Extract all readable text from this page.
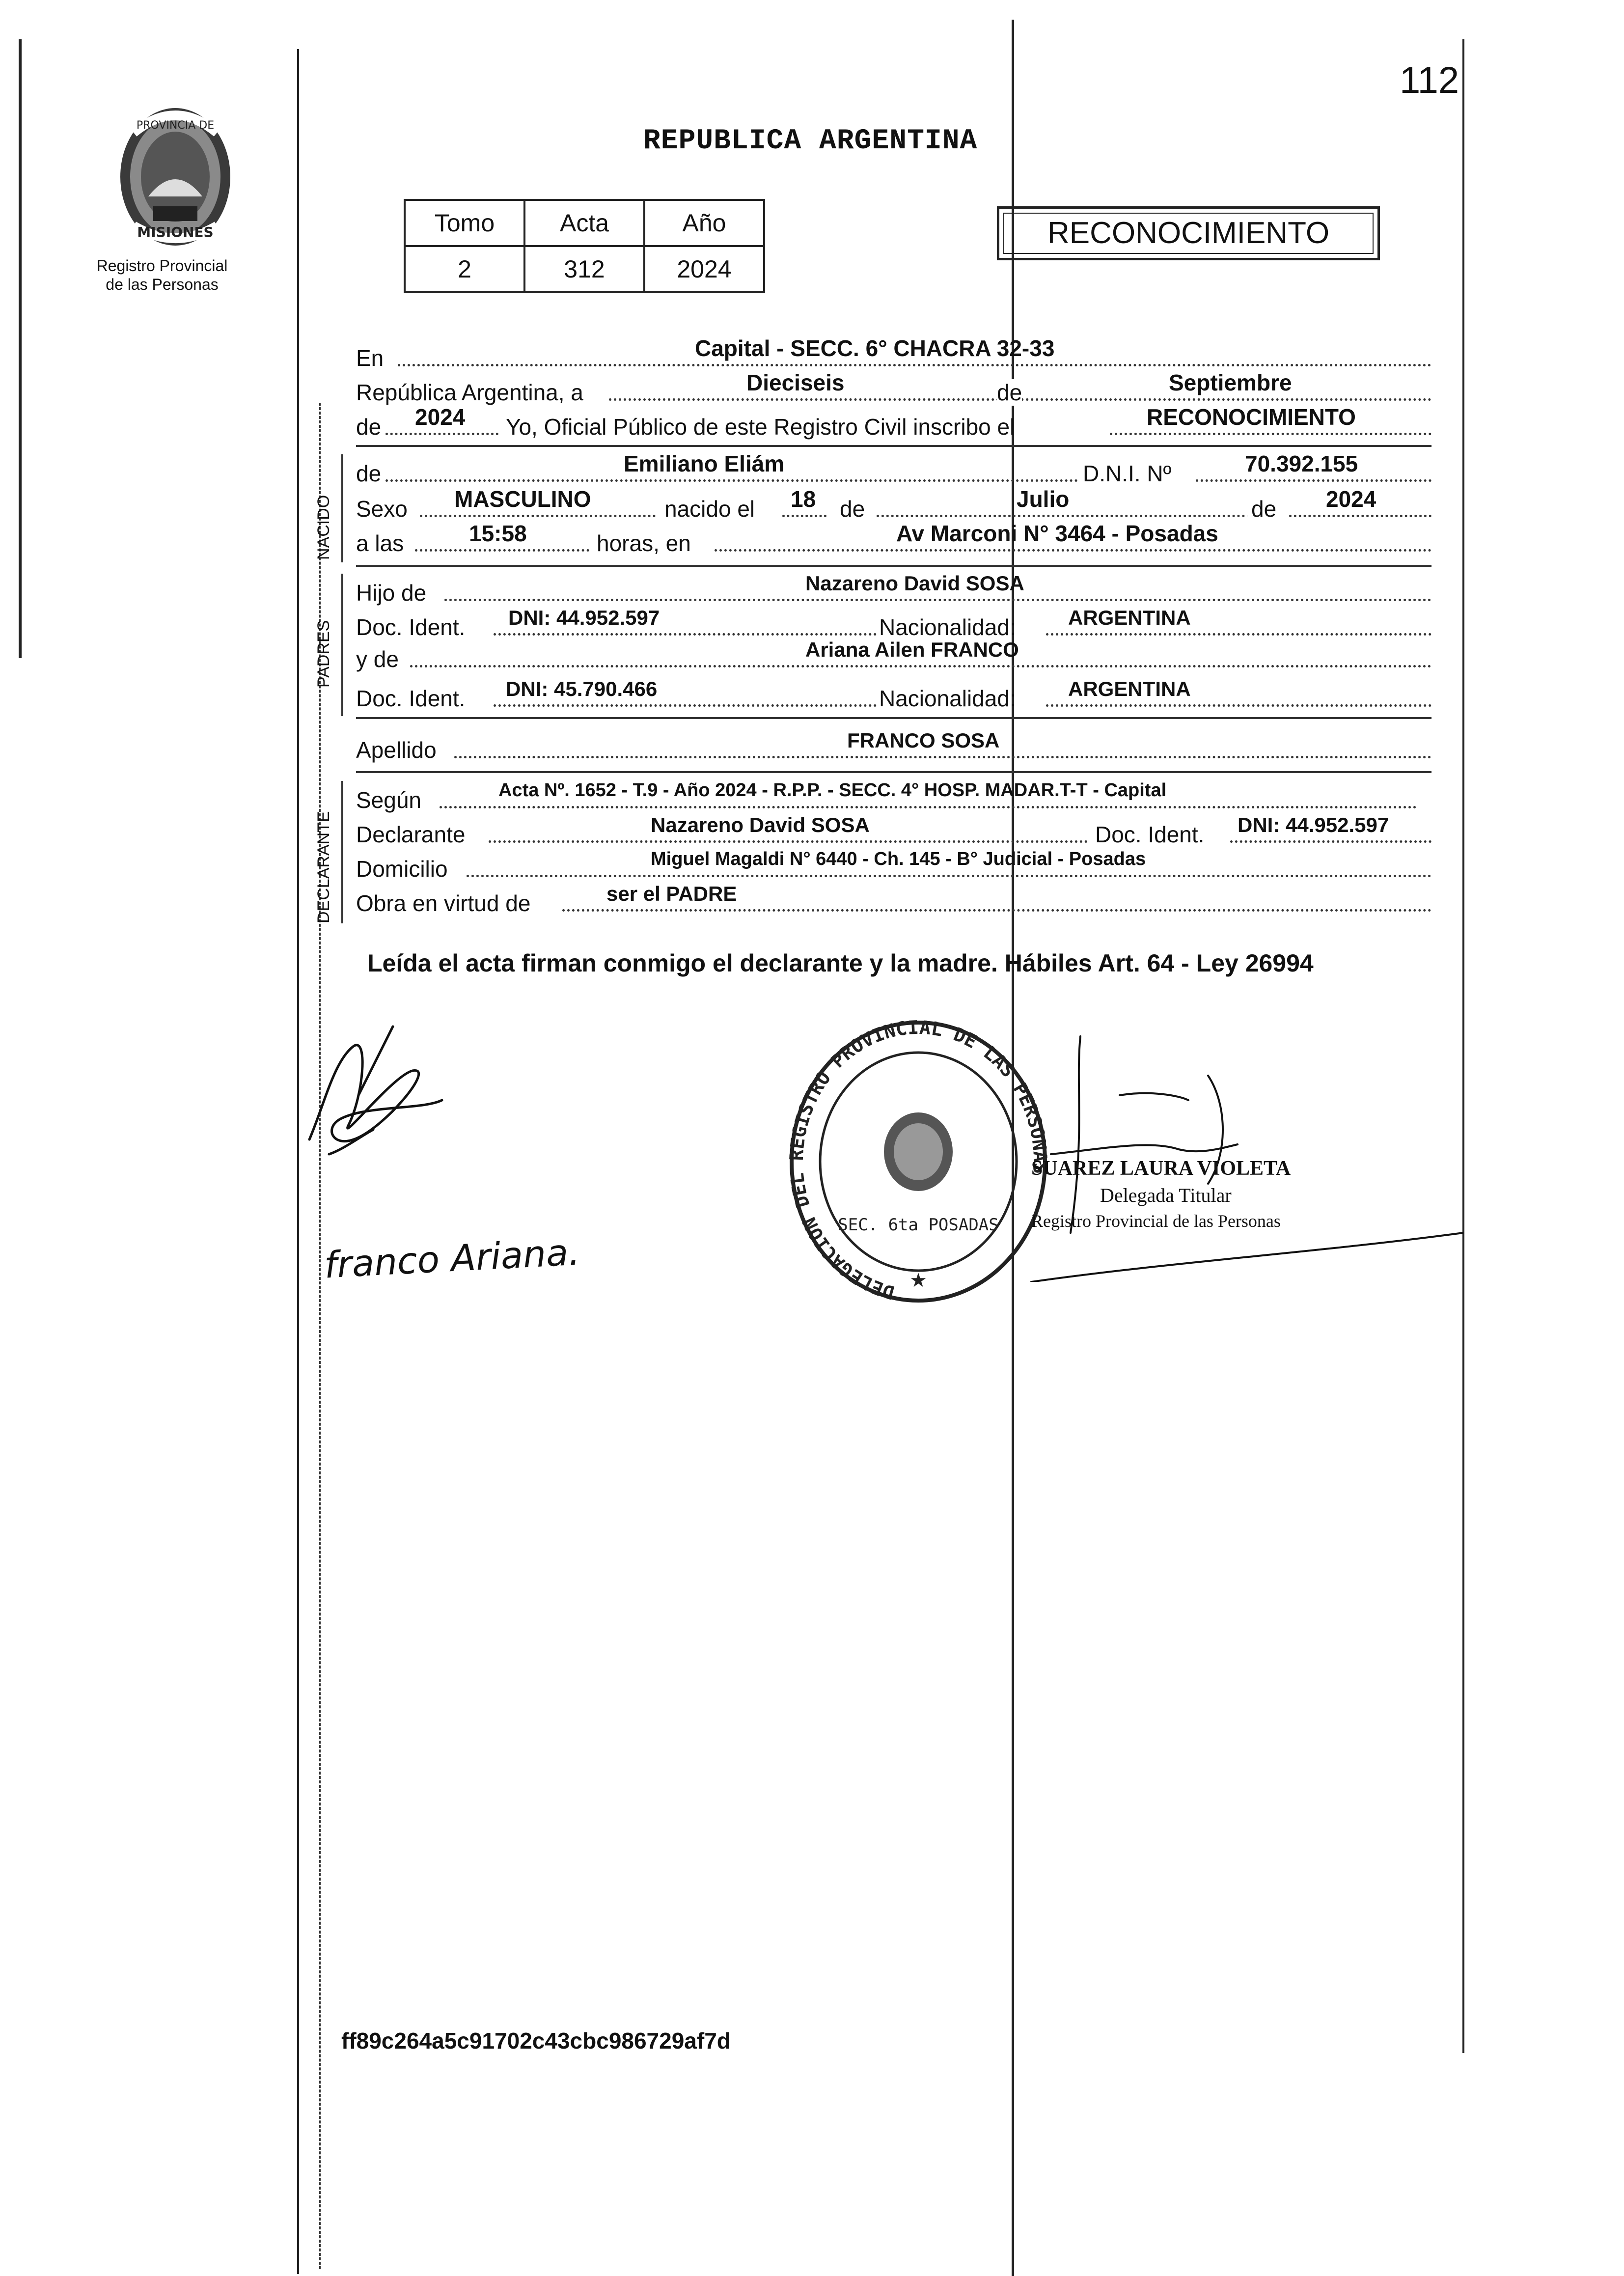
112
PROVINCIA DE
MISIONES
Registro Provincial
de las Personas
REPUBLICA ARGENTINA
Tomo	Acta	Año
2	312	2024
RECONOCIMIENTO
En	Capital - SECC. 6° CHACRA 32-33
República Argentina, a	Dieciseis	de	Septiembre
de 2024 Yo, Oficial Público de este Registro Civil inscribo el	RECONOCIMIENTO
de	Emiliano Eliám	D.N.I. Nº	70.392.155
Sexo MASCULINO	nacido el 18 de	Julio	de 2024
a las	15:58	horas, en	Av Marconi N° 3464 - Posadas
Hijo de	Nazareno David SOSA
Doc. Ident. DNI: 44.952.597	Nacionalidad:	ARGENTINA
y de	Ariana Ailen FRANCO
Doc. Ident. DNI: 45.790.466	Nacionalidad:	ARGENTINA
Apellido	FRANCO SOSA
Según	Acta Nº. 1652 - T.9 - Año 2024 - R.P.P. - SECC. 4° HOSP. MADAR.T-T - Capital
Declarante	Nazareno David SOSA	Doc. Ident. DNI: 44.952.597
Domicilio	Miguel Magaldi N° 6440 - Ch. 145 - B° Judicial - Posadas
Obra en virtud de	ser el PADRE
NACIDO
PADRES
DECLARANTE
Leída el acta firman conmigo el declarante y la madre. Hábiles Art. 64 - Ley 26994
franco Ariana.
DELEGACION DEL EGISTRO PROVINCIAL DE LAS PERSON
SEC. 6ta POSADAS
★
SUAREZ LAURA VIOLETA
Delegada Titular
Registro Provincial de las Personas
ff89c264a5c91702c43cbc986729af7d
